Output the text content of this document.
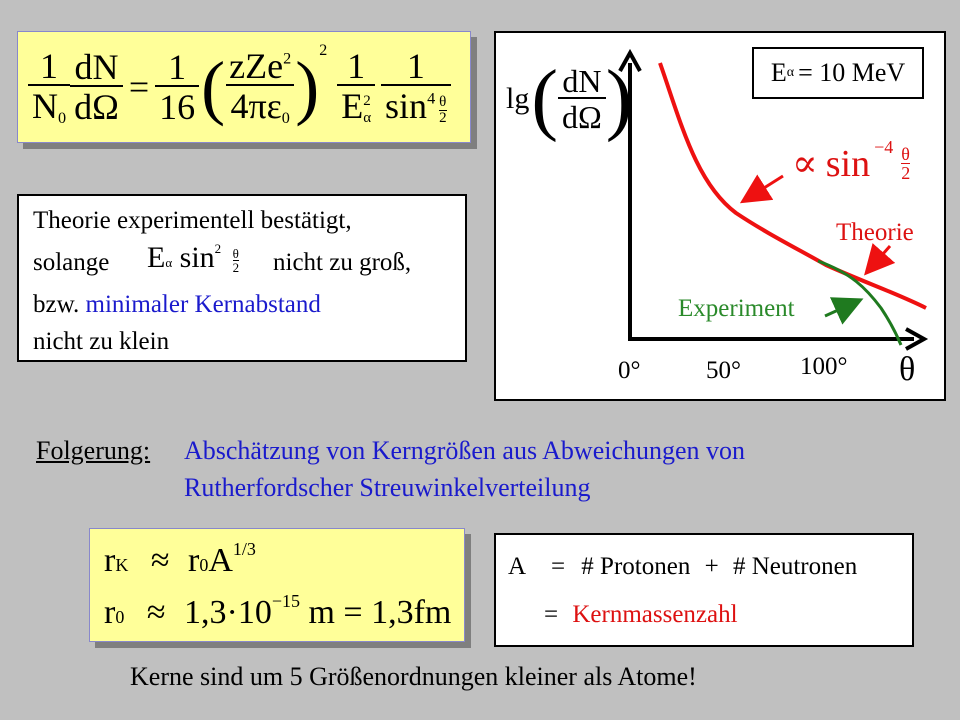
$\frac{1}{N_0} \frac{dN}{d\Omega} = \frac{1}{16}$ ( $\frac{zZe^2}{4\pi\varepsilon_0}$ ) 2 1
E 2
α $\frac{1}{\sin^4 \frac{\theta}{2}}$
Theorie experimentell bestätigt,
solange Eα $\sin^2 \frac{\theta}{2}$ nicht zu groß,
bzw. minimaler Kernabstand
nicht zu klein
lg ( $\frac{dN}{d\Omega}$ )	E α = 10 MeV
∝ sin −4 θ
2
Theorie
Experiment
0°	50° 100° θ
Folgerung: Abschätzung von Kerngrößen aus Abweichungen von
Rutherfordscher Streuwinkelverteilung
rK ≈ $r0A^{1/3}$
$r0 \approx 1,3\cdot 10^{-15}$ m = 1,3fm
A = # Protonen + # Neutronen
= Kernmassenzahl
Kerne sind um 5 Größenordnungen kleiner als Atome!
